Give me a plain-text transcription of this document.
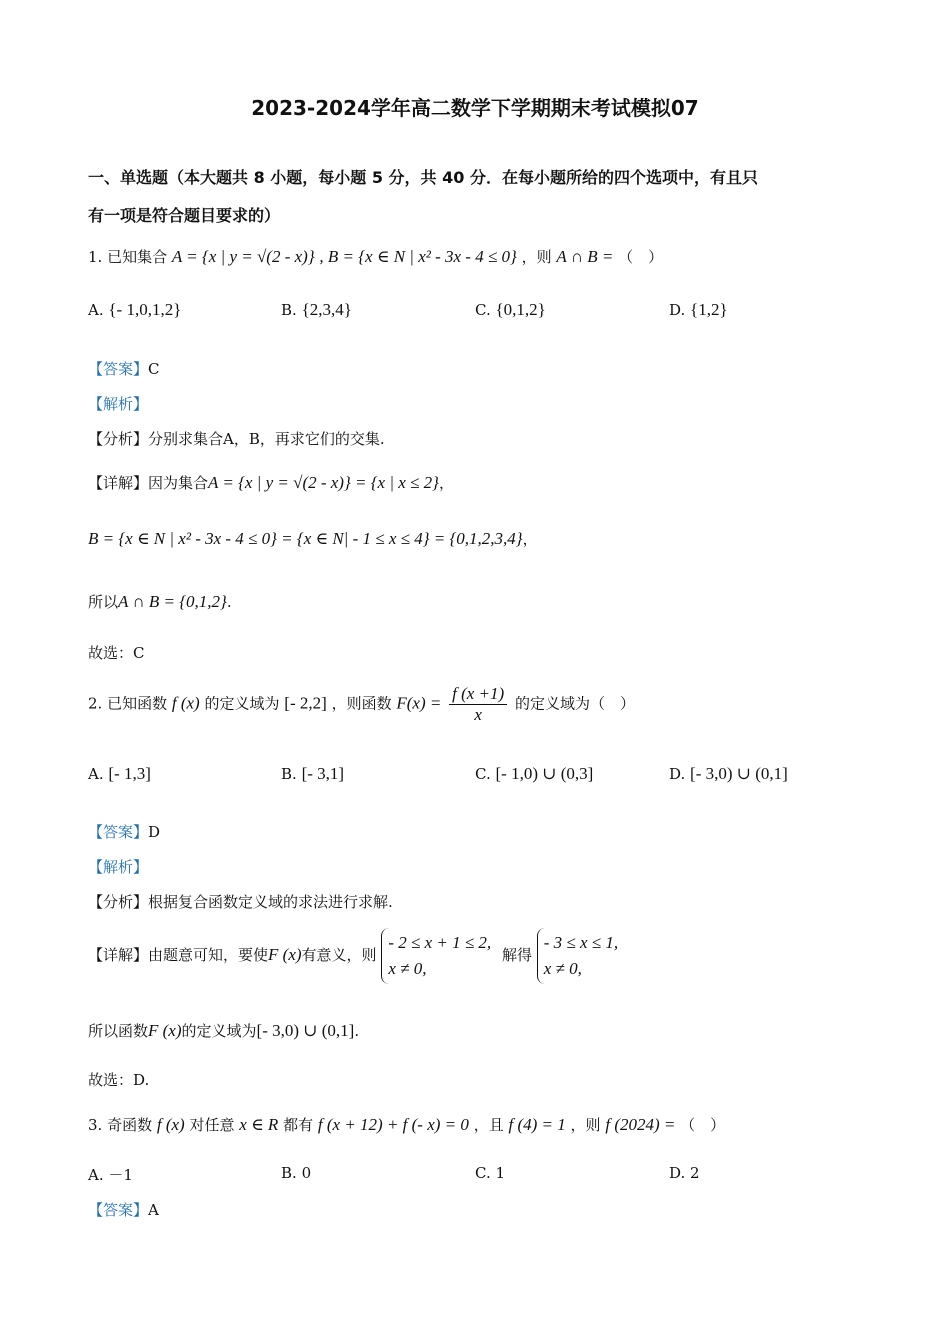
2023-2024学年高二数学下学期期末考试模拟07
一、单选题（本大题共 8 小题，每小题 5 分，共 40 分．在每小题所给的四个选项中，有且只
有一项是符合题目要求的）
1. 已知集合 A = {x | y = √(2 - x)} , B = {x ∈ N | x² - 3x - 4 ≤ 0} ，则 A ∩ B = （　）
A. {- 1,0,1,2}	B. {2,3,4}	C. {0,1,2}	D. {1,2}
【答案】C
【解析】
【分析】分别求集合A，B，再求它们的交集.
【详解】因为集合A = {x | y = √(2 - x)} = {x | x ≤ 2}，
B = {x ∈ N | x² - 3x - 4 ≤ 0} = {x ∈ N| - 1 ≤ x ≤ 4} = {0,1,2,3,4}，
所以A ∩ B = {0,1,2}.
故选：C
2. 已知函数 f (x) 的定义域为 [- 2,2] ，则函数 $F(x) = \frac{f (x +1)}{x}$ 的定义域为（　）
A. [- 1,3]	B. [- 3,1]	C. [- 1,0) ∪ (0,3]	D. [- 3,0) ∪ (0,1]
【答案】D
【解析】
【分析】根据复合函数定义域的求法进行求解.
【详解】由题意可知，要使F (x)有意义，则
- 2 ≤ x + 1 ≤ 2,
x ≠ 0,
解得
- 3 ≤ x ≤ 1,
x ≠ 0,
所以函数F (x)的定义域为[- 3,0) ∪ (0,1].
故选：D.
3. 奇函数 f (x) 对任意 x ∈ R 都有 f (x + 12) + f (- x) = 0 ，且 f (4) = 1 ，则 f (2024) = （　）
A. －1	B. 0	C. 1	D. 2
【答案】A
